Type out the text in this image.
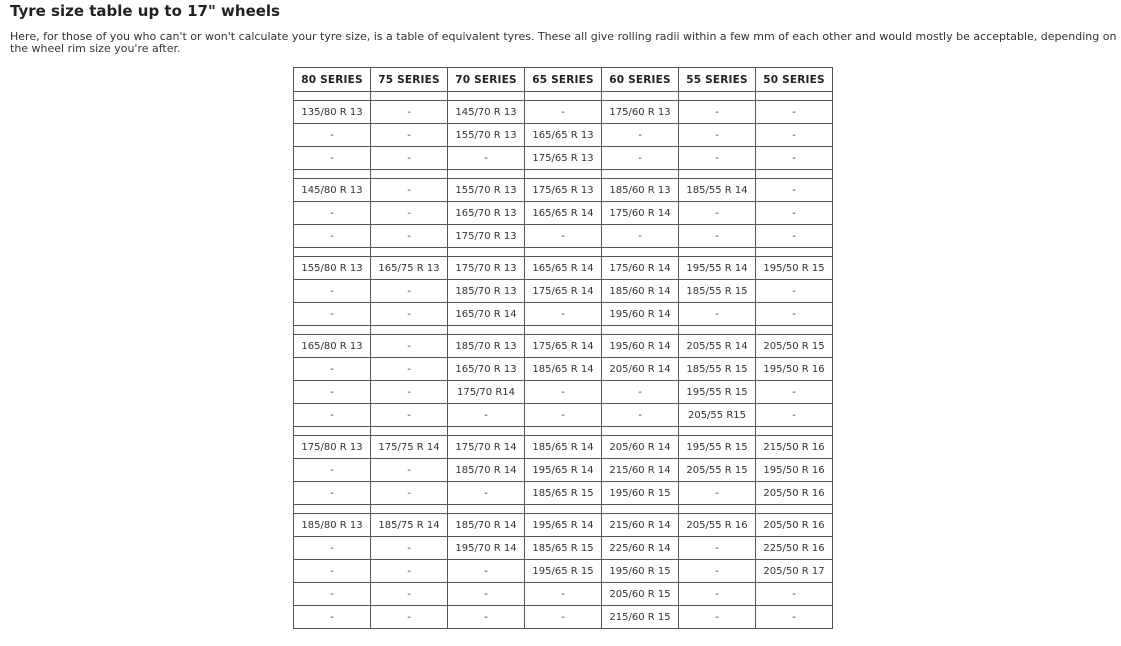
Tyre size table up to 17" wheels

Here, for those of you who can't or won't calculate your tyre size, is a table of equivalent tyres. These all give rolling radii within a few mm of each other and would mostly be acceptable, depending on the wheel rim size you're after.

80 SERIES	75 SERIES	70 SERIES	65 SERIES	60 SERIES	55 SERIES	50 SERIES

135/80 R 13	-	145/70 R 13	-	175/60 R 13	-	-
-	-	155/70 R 13	165/65 R 13	-	-	-
-	-	-	175/65 R 13	-	-	-

145/80 R 13	-	155/70 R 13	175/65 R 13	185/60 R 13	185/55 R 14	-
-	-	165/70 R 13	165/65 R 14	175/60 R 14	-	-
-	-	175/70 R 13	-	-	-	-

155/80 R 13	165/75 R 13	175/70 R 13	165/65 R 14	175/60 R 14	195/55 R 14	195/50 R 15
-	-	185/70 R 13	175/65 R 14	185/60 R 14	185/55 R 15	-
-	-	165/70 R 14	-	195/60 R 14	-	-

165/80 R 13	-	185/70 R 13	175/65 R 14	195/60 R 14	205/55 R 14	205/50 R 15
-	-	165/70 R 13	185/65 R 14	205/60 R 14	185/55 R 15	195/50 R 16
-	-	175/70 R14	-	-	195/55 R 15	-
-	-	-	-	-	205/55 R15	-

175/80 R 13	175/75 R 14	175/70 R 14	185/65 R 14	205/60 R 14	195/55 R 15	215/50 R 16
-	-	185/70 R 14	195/65 R 14	215/60 R 14	205/55 R 15	195/50 R 16
-	-	-	185/65 R 15	195/60 R 15	-	205/50 R 16

185/80 R 13	185/75 R 14	185/70 R 14	195/65 R 14	215/60 R 14	205/55 R 16	205/50 R 16
-	-	195/70 R 14	185/65 R 15	225/60 R 14	-	225/50 R 16
-	-	-	195/65 R 15	195/60 R 15	-	205/50 R 17
-	-	-	-	205/60 R 15	-	-
-	-	-	-	215/60 R 15	-	-
